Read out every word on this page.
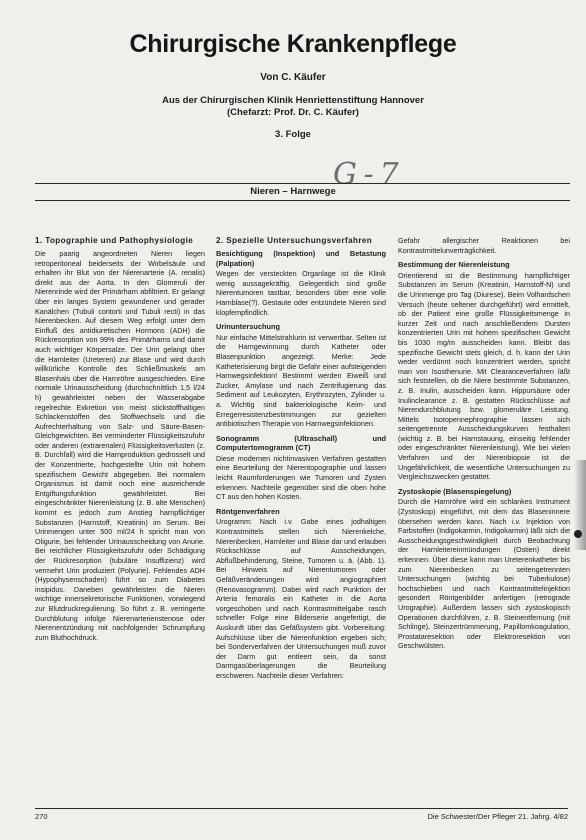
Chirurgische Krankenpflege
Von C. Käufer
Aus der Chirurgischen Klinik Henriettenstiftung Hannover
(Chefarzt: Prof. Dr. C. Käufer)
3. Folge
G-7
Nieren – Harnwege
1. Topographie und Pathophysiologie

Die paarig angeordneten Nieren liegen retroperitoneal beiderseits der Wirbelsäule und erhalten ihr Blut von der Nierenarterie (A. renalis) direkt aus der Aorta. In den Glomeruli der Nierenrinde wird der Primärharn abfiltriert. Er gelangt über ein langes System gewundener und gerader Kanälchen (Tubuli contorti und Tubuli recti) in das Nierenbecken. Auf diesem Weg erfolgt unter dem Einfluß des antidiuretischen Hormons (ADH) die Rückresorption von 99% des Primärharns und damit auch wichtiger Körpersalze. Der Urin gelangt über die Harnleiter (Ureteren) zur Blase und wird durch willkürliche Kontrolle des Schließmuskels am Blasenhals über die Harnröhre ausgeschieden. Eine normale Urinausscheidung (durchschnittlich 1,5 l/24 h) gewährleistet neben der Wasserabgabe regelrechte Exkretion von meist stickstoffhaltigen Schlackenstoffen des Stoffwechsels und die Aufrechterhaltung von Salz- und Säure-Basen-Gleichgewichten. Bei verminderter Flüssigkeitszufuhr oder anderen (extrarenalen) Flüssigkeitsverlusten (z. B. Durchfall) wird die Harnproduktion gedrosselt und der Konzentrierte, hochgestellte Urin mit hohem spezifischem Gewicht abgegeben. Bei normalem Organismus ist damit noch eine ausreichende Entgiftungsfunktion gewährleistet. Bei eingeschränkter Nierenleistung (z. B. alte Menschen) kommt es jedoch zum Anstieg harnpflichtiger Substanzen (Harnstoff, Kreatinin) im Serum. Bei Urinmengen unter 500 ml/24 h spricht man von Oligurie, bei fehlender Urinausscheidung von Anurie. Bei reichlicher Flüssigkeitszufuhr oder Schädigung der Rückresorption (tubuläre Insuffizienz) wird vermehrt Urin produziert (Polyurie). Fehlendes ADH (Hypophysenschaden) führt so zum Diabetes insipidus. Daneben gewährleisten die Nieren wichtige innersekretorische Funktionen, vorwiegend zur Blutdruckregulierung. So führt z. B. verringerte Durchblutung infolge Nierenarterienstenose oder Nierenentzündung mit nachfolgender Schrumpfung zum Bluthochdruck.

2. Spezielle Untersuchungsverfahren
Besichtigung (Inspektion) und Betastung (Palpation)

Wegen der versteckten Organlage ist die Klinik wenig aussagekräftig. Gelegentlich sind große Nierentumoren tastbar, besonders über eine volle Harnblase(?). Gestaute oder entzündete Nieren sind klopfempfindlich.

Urinuntersuchung

Nur einfache Mittelstrahlurin ist verwertbar. Selten ist die Harngewinnung durch Katheter oder Blasenpunktion angezeigt. Merke: Jede Katheterisierung birgt die Gefahr einer aufsteigenden Harnwegsinfektion! Bestimmt werden Eiweiß und Zucker, Amylase und nach Zentrifugierung das Sediment auf Leukozyten, Erythrozyten, Zylinder u. a. Wichtig sind bakteriologische Keim- und Erregerresistenzbestimmungen zur gezielten antibiotischen Therapie von Harnwegsinfektionen.

Sonogramm (Ultraschall) und Computertomogramm (CT)

Diese modernen nichtinvasiven Verfahren gestatten eine Beurteilung der Nierentopographie und lassen leicht Raumforderungen wie Tumoren und Zysten erkennen. Nachteile gegenüber sind die oben hohe CT aus den hohen Kosten.

Röntgenverfahren

Urogramm: Nach i.v. Gabe eines jodhaltigen Kontrastmittels stellen sich Nierenkelche, Nierenbecken, Harnleiter und Blase dar und erlauben Rückschlüsse auf Ausscheidungen, Abflußbehinderung, Steine, Tumoren u. ä. (Abb. 1). Bei Hinweis auf Nierentumoren oder Gefäßveränderungen wird angiographiert (Renovasogramm). Dabei wird nach Punktion der Arteria femoralis ein Katheter in die Aorta vorgeschoben und nach Kontrastmittelgabe rasch schneller Folge eine Bilderserie angefertigt, die Auskunft über das Gefäßsystem gibt. Vorbereitung: Aufschlüsse über die Nierenfunktion ergeben sich; bei Sonderverfahren der Untersuchungen muß zuvor der Darm gut entleert sein, da sonst Darmgasüberlagerungen die Beurteilung erschweren. Nachteile dieser Verfahren:

Gefahr allergischer Reaktionen bei Kontrastmittelunverträglichkeit.

Bestimmung der Nierenleistung

Orientierend ist die Bestimmung harnpflichtiger Substanzen im Serum (Kreatinin, Harnstoff-N) und die Urinmenge pro Tag (Diurese). Beim Volhardschen Versuch (heute seltener durchgeführt) wird ermittelt, ob der Patient eine große Flüssigkeitsmenge in kurzer Zeit und nach anschließendem Dursten konzentrierten Urin mit hohem spezifischen Gewicht bis 1030 mg/m ausscheiden kann. Bleibt das spezifische Gewicht stets gleich, d. h. kann der Urin weder verdünnt noch konzentriert werden, spricht man von Isosthenurie. Mit Clearanceverfahren läßt sich feststellen, ob die Niere bestimmte Substanzen, z. B. Inulin, ausscheiden kann. Hippursäure oder Inulinclearance z. B. gestatten Rückschlüsse auf Nierendurchblutung bzw. glomeruläre Leistung. Mittels Isotopennephrographie lassen sich seitengetrennte Ausscheidungskurven festhalten (wichtig z. B. bei Harnstauung, einseitig fehlender oder eingeschränkter Nierenleistung). Wie bei vielen Verfahren und der Nierenbiopsie ist die Ungefährlichkeit, die wesentliche Untersuchungen zu Vergleichszwecken gestattet.

Zystoskopie (Blasenspiegelung)

Durch die Harnröhre wird ein schlankes Instrument (Zystoskop) eingeführt, mit dem das Blaseninnere übersehen werden kann. Nach i.v. Injektion von Farbstoffen (Indigokarmin, Indigokarmin) läßt sich die Ausscheidungsgeschwindigkeit durch Beobachtung der Harnleitereinmündungen (Ostien) direkt erkennen. Über diese kann man Ureterenkatheter bis zum Nierenbecken zu seitengetrennten Untersuchungen (wichtig bei Tuberkulose) hochschieben und nach Kontrastmittelinjektion gesondert Röntgenbilder anfertigen (retrograde Urographie). Außerdem lassen sich zystoskopisch Operationen durchführen, z. B. Steinentfernung (mit Schlinge), Steinzertrümmerung, Papillomkoagulation, Prostataresektion oder Elektroresektion von Geschwülsten.

270	Die Schwester/Der Pfleger 21. Jahrg. 4/82
